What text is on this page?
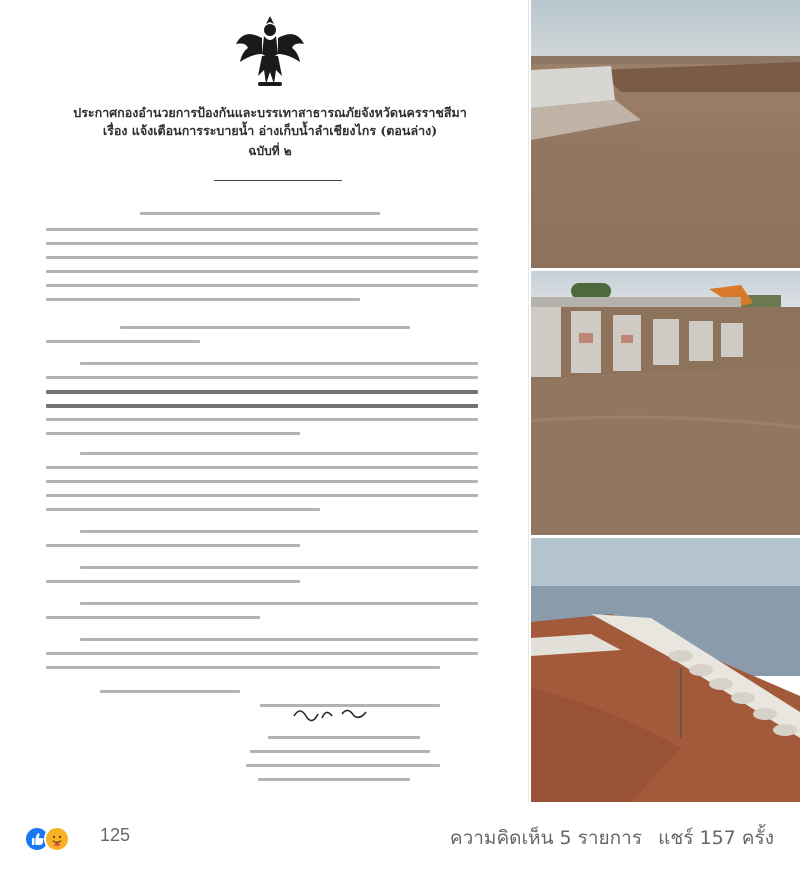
ประกาศกองอำนวยการป้องกันและบรรเทาสาธารณภัยจังหวัดนครราชสีมา
เรื่อง แจ้งเตือนการระบายน้ำ อ่างเก็บน้ำลำเชียงไกร (ตอนล่าง)
ฉบับที่ ๒
125	ความคิดเห็น 5 รายการ แชร์ 157 ครั้ง
